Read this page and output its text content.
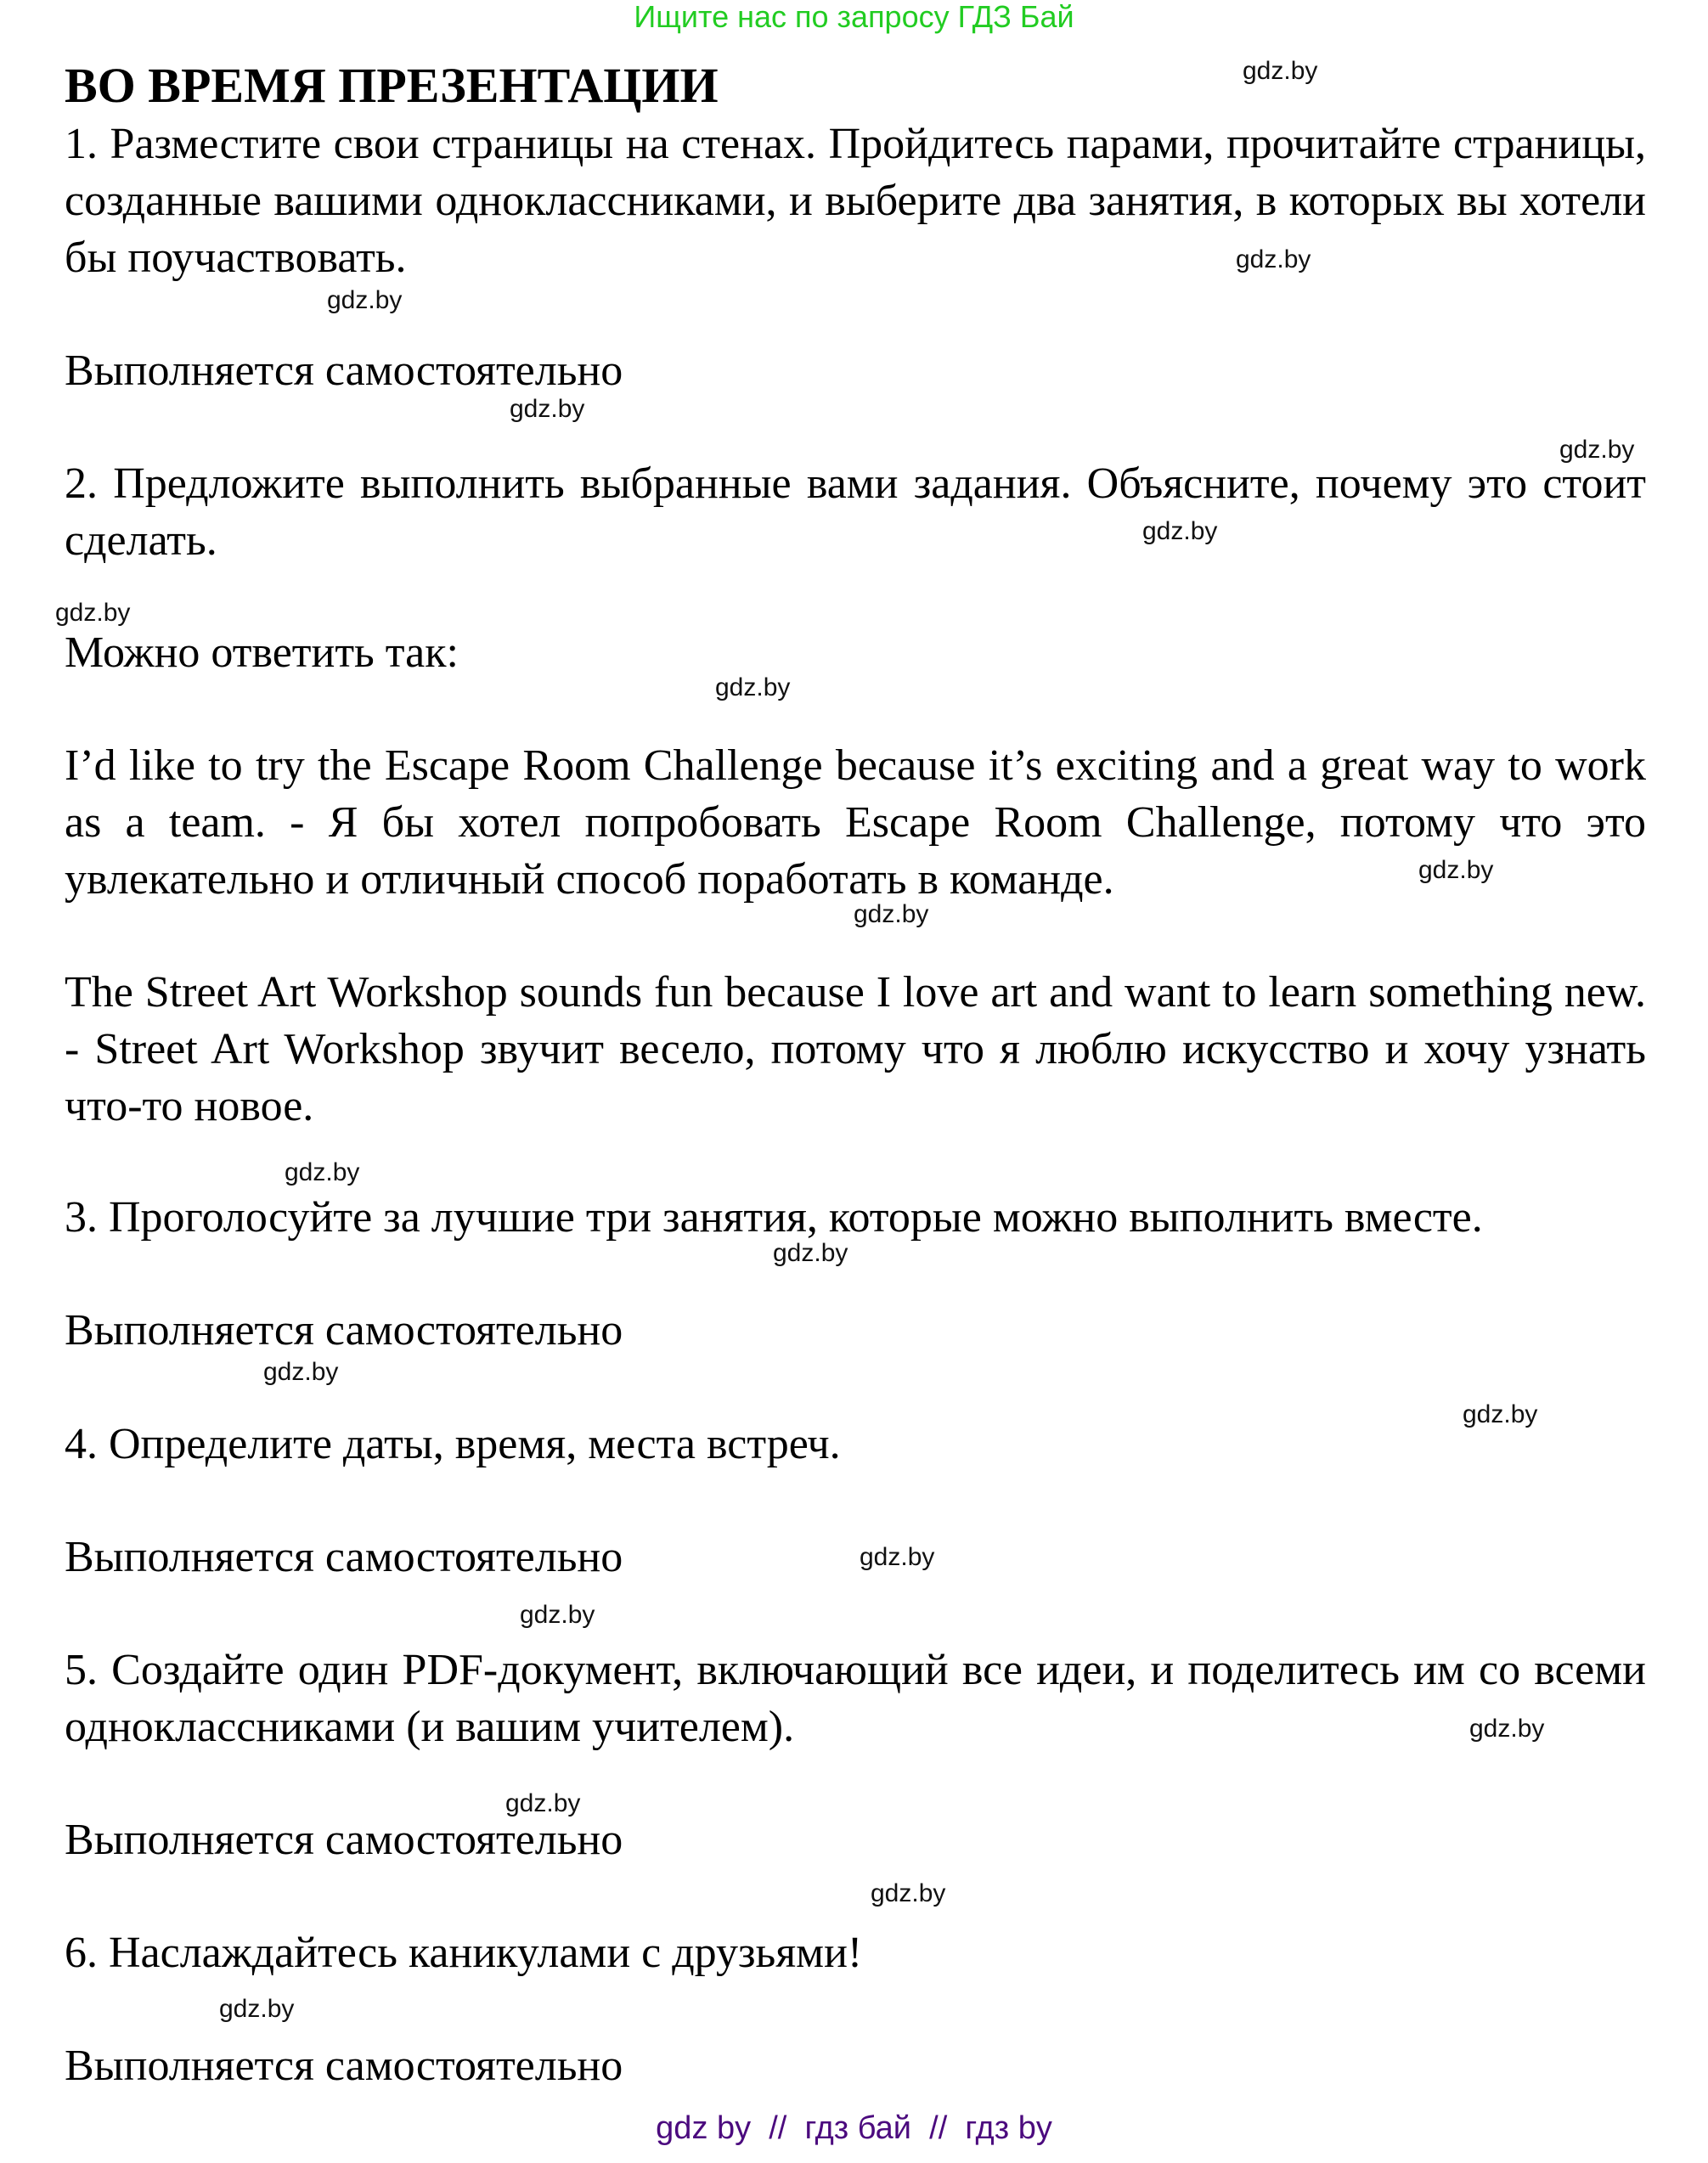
Ищите нас по запросу ГДЗ Бай
ВО ВРЕМЯ ПРЕЗЕНТАЦИИ
1. Разместите свои страницы на стенах. Пройдитесь парами, прочитайте страницы, созданные вашими одноклассниками, и выберите два занятия, в которых вы хотели бы поучаствовать.
Выполняется самостоятельно
2. Предложите выполнить выбранные вами задания. Объясните, почему это стоит сделать.
Можно ответить так:
I’d like to try the Escape Room Challenge because it’s exciting and a great way to work as a team. - Я бы хотел попробовать Escape Room Challenge, потому что это увлекательно и отличный способ поработать в команде.
The Street Art Workshop sounds fun because I love art and want to learn something new. - Street Art Workshop звучит весело, потому что я люблю искусство и хочу узнать что-то новое.
3. Проголосуйте за лучшие три занятия, которые можно выполнить вместе.
Выполняется самостоятельно
4. Определите даты, время, места встреч.
Выполняется самостоятельно
5. Создайте один PDF-документ, включающий все идеи, и поделитесь им со всеми одноклассниками (и вашим учителем).
Выполняется самостоятельно
6. Наслаждайтесь каникулами с друзьями!
Выполняется самостоятельно
gdz.by
gdz.by
gdz.by
gdz.by
gdz.by
gdz.by
gdz.by
gdz.by
gdz.by
gdz.by
gdz.by
gdz.by
gdz.by
gdz.by
gdz.by
gdz.by
gdz.by
gdz.by
gdz.by
gdz.by
gdz by  //  гдз бай  //  гдз by
